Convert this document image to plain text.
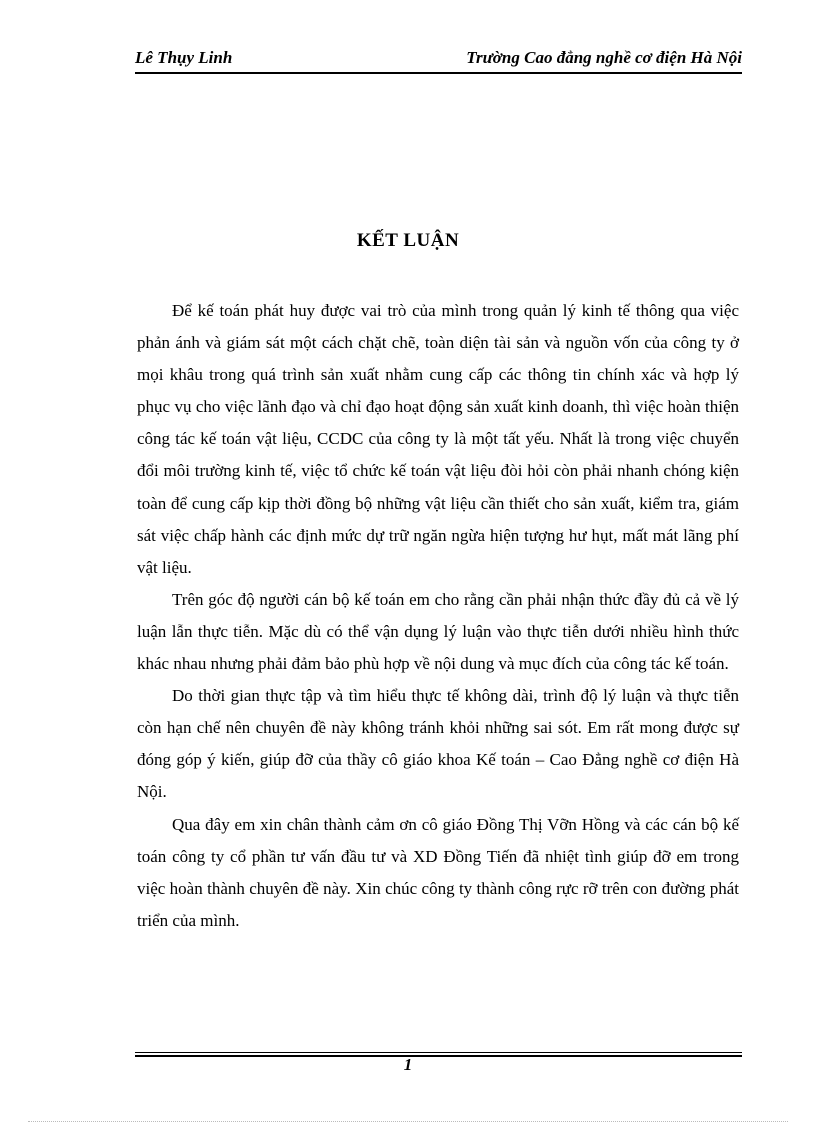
Lê Thụy Linh	Trường Cao đẳng nghề cơ điện Hà Nội
KẾT LUẬN

Để kế toán phát huy được vai trò của mình trong quản lý kinh tế thông qua việc phản ánh và giám sát một cách chặt chẽ, toàn diện tài sản và nguồn vốn của công ty ở mọi khâu trong quá trình sản xuất nhằm cung cấp các thông tin chính xác và hợp lý phục vụ cho việc lãnh đạo và chỉ đạo hoạt động sản xuất kinh doanh, thì việc hoàn thiện công tác kế toán vật liệu, CCDC của công ty là một tất yếu. Nhất là trong việc chuyển đổi môi trường kinh tế, việc tổ chức kế toán vật liệu đòi hỏi còn phải nhanh chóng kiện toàn để cung cấp kịp thời đồng bộ những vật liệu cần thiết cho sản xuất, kiểm tra, giám sát việc chấp hành các định mức dự trữ ngăn ngừa hiện tượng hư hụt, mất mát lãng phí vật liệu.

Trên góc độ người cán bộ kế toán em cho rằng cần phải nhận thức đầy đủ cả về lý luận lẫn thực tiễn. Mặc dù có thể vận dụng lý luận vào thực tiễn dưới nhiều hình thức khác nhau nhưng phải đảm bảo phù hợp về nội dung và mục đích của công tác kế toán.

Do thời gian thực tập và tìm hiểu thực tế không dài, trình độ lý luận và thực tiễn còn hạn chế nên chuyên đề này không tránh khỏi những sai sót. Em rất mong được sự đóng góp ý kiến, giúp đỡ của thầy cô giáo khoa Kế toán – Cao Đẳng nghề cơ điện Hà Nội.

Qua đây em xin chân thành cảm ơn cô giáo Đồng Thị Vỡn Hồng và các cán bộ kế toán công ty cổ phần tư vấn đầu tư và XD Đồng Tiến đã nhiệt tình giúp đỡ em trong việc hoàn thành chuyên đề này. Xin chúc công ty thành công rực rỡ trên con đường phát triển của mình.

1
